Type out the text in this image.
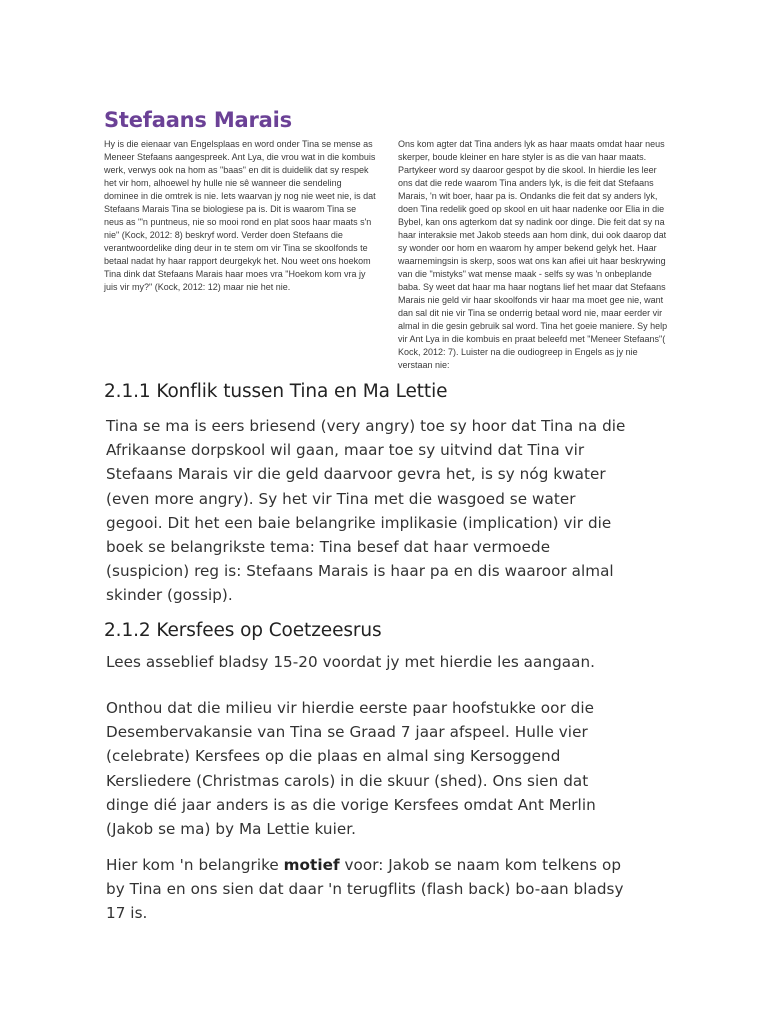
Stefaans Marais

Hy is die eienaar van Engelsplaas en word onder Tina se mense as Meneer Stefaans aangespreek. Ant Lya, die vrou wat in die kombuis werk, verwys ook na hom as "baas" en dit is duidelik dat sy respek het vir hom, alhoewel hy hulle nie sê wanneer die sendeling dominee in die omtrek is nie. Iets waarvan jy nog nie weet nie, is dat Stefaans Marais Tina se biologiese pa is. Dit is waarom Tina se neus as "'n puntneus, nie so mooi rond en plat soos haar maats s'n nie" (Kock, 2012: 8) beskryf word. Verder doen Stefaans die verantwoordelike ding deur in te stem om vir Tina se skoolfonds te betaal nadat hy haar rapport deurgekyk het. Nou weet ons hoekom Tina dink dat Stefaans Marais haar moes vra "Hoekom kom vra jy juis vir my?" (Kock, 2012: 12) maar nie het nie.

Ons kom agter dat Tina anders lyk as haar maats omdat haar neus skerper, boude kleiner en hare styler is as die van haar maats. Partykeer word sy daaroor gespot by die skool. In hierdie les leer ons dat die rede waarom Tina anders lyk, is die feit dat Stefaans Marais, 'n wit boer, haar pa is. Ondanks die feit dat sy anders lyk, doen Tina redelik goed op skool en uit haar nadenke oor Elia in die Bybel, kan ons agterkom dat sy nadink oor dinge. Die feit dat sy na haar interaksie met Jakob steeds aan hom dink, dui ook daarop dat sy wonder oor hom en waarom hy amper bekend gelyk het. Haar waarnemingsin is skerp, soos wat ons kan afiei uit haar beskrywing van die "mistyks" wat mense maak - selfs sy was 'n onbeplande baba. Sy weet dat haar ma haar nogtans lief het maar dat Stefaans Marais nie geld vir haar skoolfonds vir haar ma moet gee nie, want dan sal dit nie vir Tina se onderrig betaal word nie, maar eerder vir almal in die gesin gebruik sal word. Tina het goeie maniere. Sy help vir Ant Lya in die kombuis en praat beleefd met "Meneer Stefaans"( Kock, 2012: 7). Luister na die oudiogreep in Engels as jy nie verstaan nie:

2.1.1 Konflik tussen Tina en Ma Lettie

Tina se ma is eers briesend (very angry) toe sy hoor dat Tina na die Afrikaanse dorpskool wil gaan, maar toe sy uitvind dat Tina vir Stefaans Marais vir die geld daarvoor gevra het, is sy nóg kwater (even more angry). Sy het vir Tina met die wasgoed se water gegooi. Dit het een baie belangrike implikasie (implication) vir die boek se belangrikste tema: Tina besef dat haar vermoede (suspicion) reg is: Stefaans Marais is haar pa en dis waaroor almal skinder (gossip).

2.1.2 Kersfees op Coetzeesrus

Lees asseblief bladsy 15-20 voordat jy met hierdie les aangaan.

Onthou dat die milieu vir hierdie eerste paar hoofstukke oor die Desembervakansie van Tina se Graad 7 jaar afspeel. Hulle vier (celebrate) Kersfees op die plaas en almal sing Kersoggend Kersliedere (Christmas carols) in die skuur (shed). Ons sien dat dinge dié jaar anders is as die vorige Kersfees omdat Ant Merlin (Jakob se ma) by Ma Lettie kuier.

Hier kom 'n belangrike motief voor: Jakob se naam kom telkens op by Tina en ons sien dat daar 'n terugflits (flash back) bo-aan bladsy 17 is.
